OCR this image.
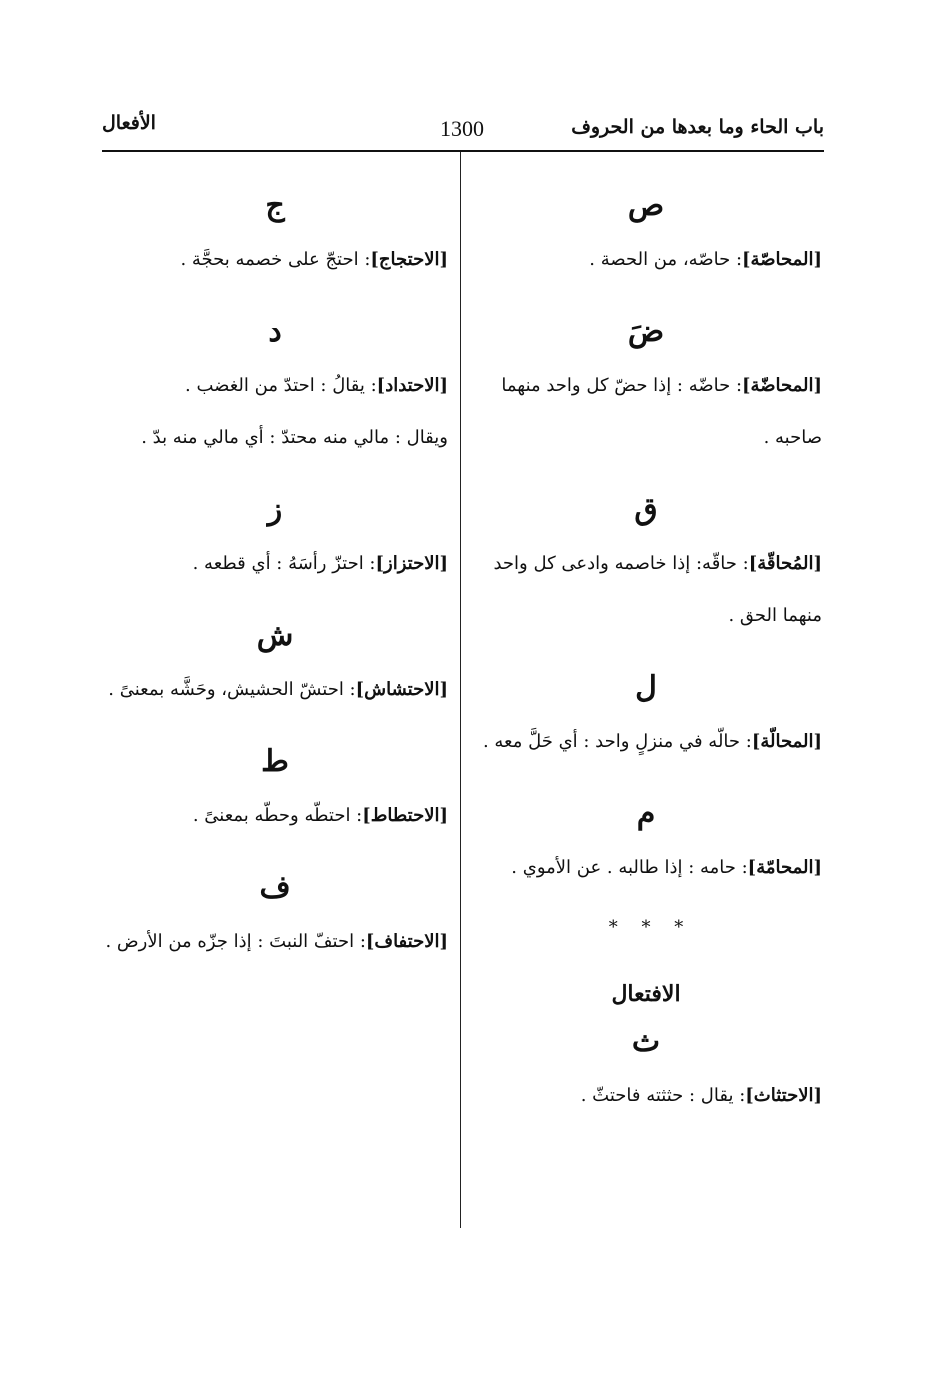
باب الحاء وما بعدها من الحروف
1300
الأفعال
ص

[المحاصّة]: حاصّه، من الحصة .

ضَ

[المحاضّة]: حاضّه : إذا حضّ كل واحد منهما صاحبه .

ق

[المُحاقّة]: حاقّه: إذا خاصمه وادعى كل واحد منهما الحق .

ل

[المحالّة]: حالّه في منزلٍ واحد : أي حَلَّ معه .

م

[المحامّة]: حامه : إذا طالبه . عن الأموي .

* * *
الافتعال
ث

[الاحتثاث]: يقال : حثثته فاحتثّ .

ج

[الاحتجاج]: احتجّ على خصمه بحجَّة .

د

[الاحتداد]: يقالُ : احتدّ من الغضب .

ويقال : مالي منه محتدّ : أي مالي منه بدّ .

ز

[الاحتزاز]: احتزّ رأسَهُ : أي قطعه .

ش

[الاحتشاش]: احتشّ الحشيش، وحَشَّه بمعنىً .

ط

[الاحتطاط]: احتطّه وحطّه بمعنىً .

ف

[الاحتفاف]: احتفّ النبتَ : إذا جزّه من الأرض .
